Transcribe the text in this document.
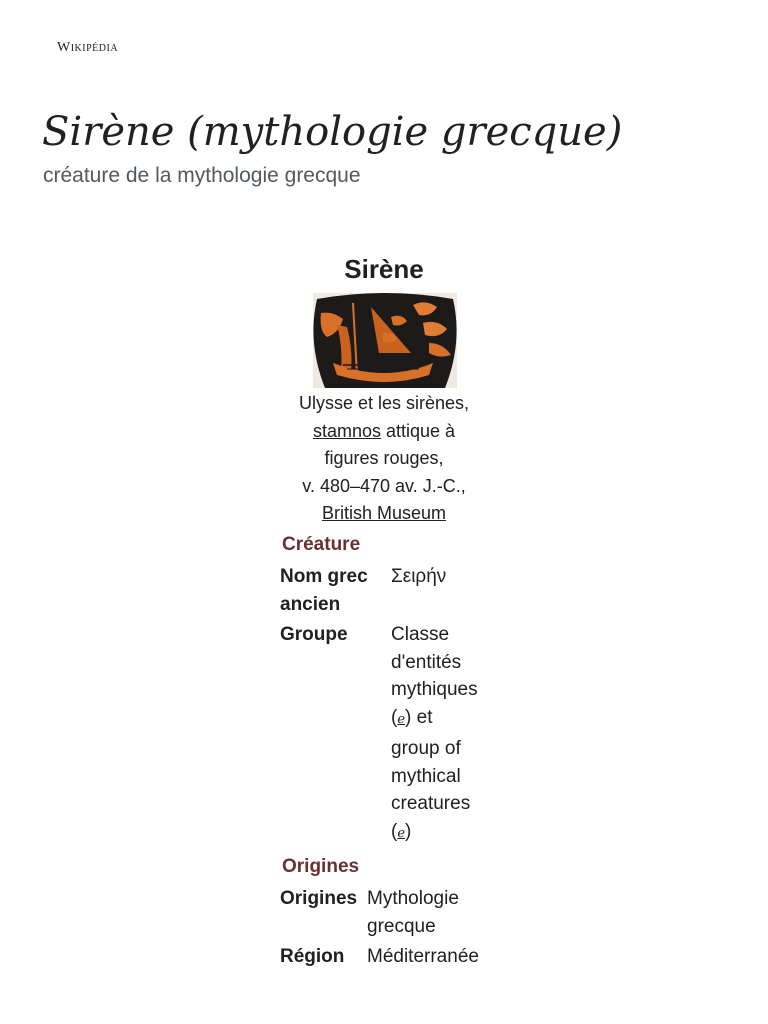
Wikipédia
Sirène (mythologie grecque)
créature de la mythologie grecque
Sirène
Ulysse et les sirènes,
stamnos attique à
figures rouges,
v. 480–470 av. J.-C.,
British Museum
Créature
Nom grec
ancien
Σειρήν
Groupe Classe
d'entités
mythiques
(ℯ) et
group of
mythical
creatures
(ℯ)
Origines
Origines Mythologie
grecque
Région Méditerranée
